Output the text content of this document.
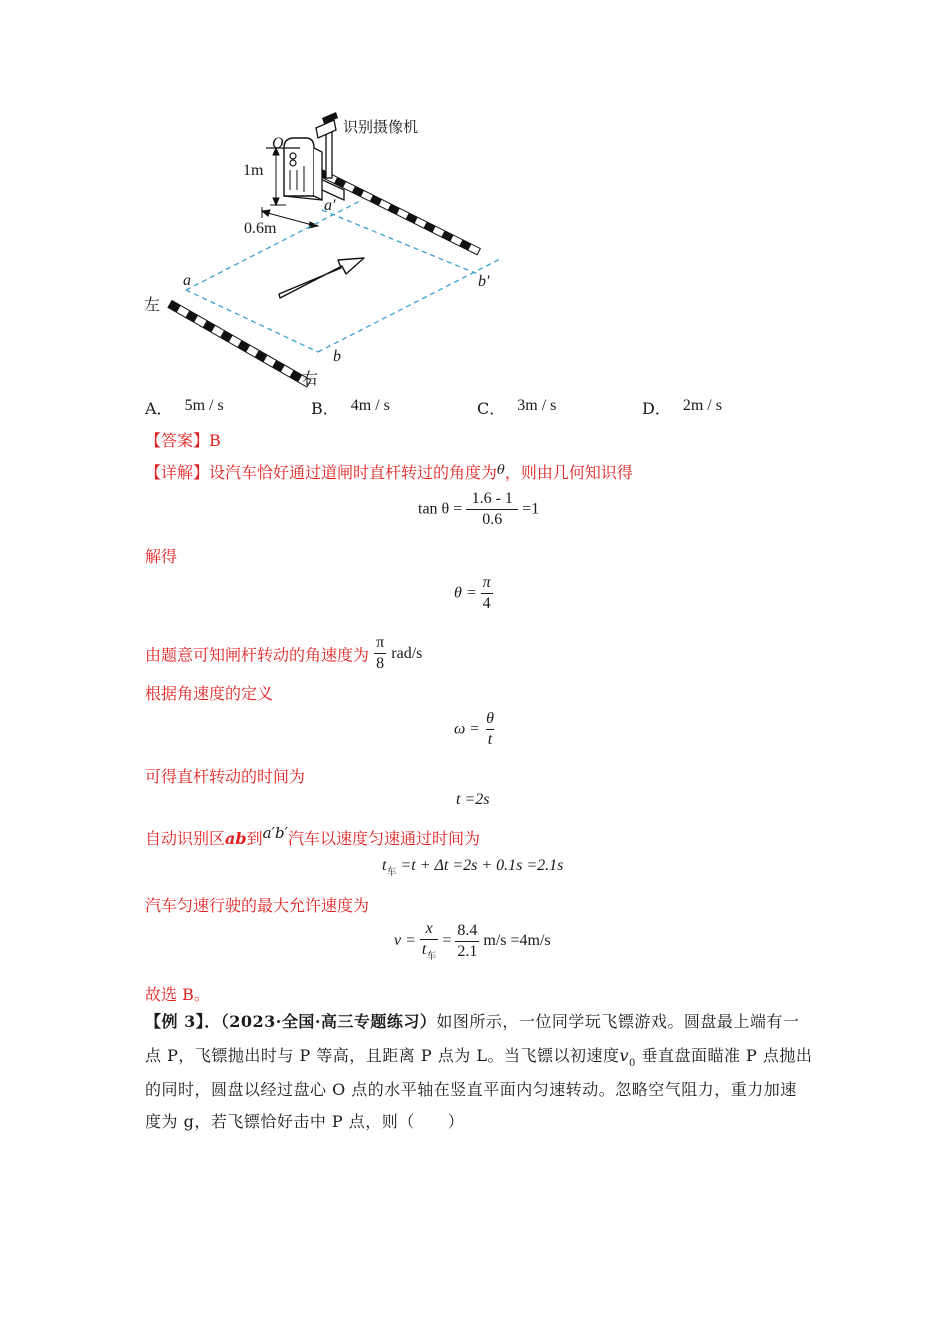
识别摄像机
O
1m
0.6m
a′
a
b
b′
左
右
A． 5m / s	B． 4m / s	C． 3m / s	D． 2m / s
【答案】B
【详解】设汽车恰好通过道闸时直杆转过的角度为$^\theta$，则由几何知识得
$\tan \theta = \frac{1.6 - 1}{0.6} =1$
解得
$\theta = \frac{\pi}{4}$
由题意可知闸杆转动的角速度为 $\frac{\pi}{8} rad/s$
根据角速度的定义
$\omega = \frac{\theta}{t}$
可得直杆转动的时间为
t =2s
自动识别区ab到a′b′汽车以速度匀速通过时间为
$t_车 =t + \Delta t =2s + 0.1s =2.1s$
汽车匀速行驶的最大允许速度为
$v = \frac{x}{t_车} = \frac{8.4}{2.1} m/s =4m/s$
故选 B。
【例 3】．（2023·全国·高三专题练习）如图所示，一位同学玩飞镖游戏。圆盘最上端有一
点 P，飞镖抛出时与 P 等高，且距离 P 点为 L。当飞镖以初速度$v_0$ 垂直盘面瞄准 P 点抛出
的同时，圆盘以经过盘心 O 点的水平轴在竖直平面内匀速转动。忽略空气阻力，重力加速
度为 g，若飞镖恰好击中 P 点，则（　　）
